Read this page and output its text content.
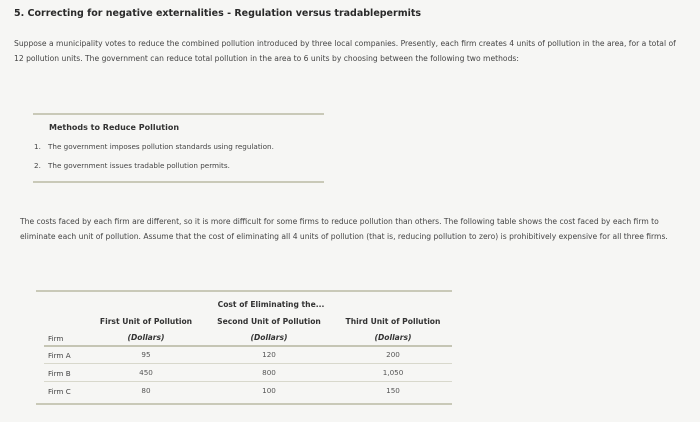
5. Correcting for negative externalities - Regulation versus tradablepermits
Suppose a municipality votes to reduce the combined pollution introduced by three local companies. Presently, each firm creates 4 units of pollution in the area, for a total of 12 pollution units. The government can reduce total pollution in the area to 6 units by choosing between the following two methods:
Methods to Reduce Pollution
1. The government imposes pollution standards using regulation.
2. The government issues tradable pollution permits.
The costs faced by each firm are different, so it is more difficult for some firms to reduce pollution than others. The following table shows the cost faced by each firm to eliminate each unit of pollution. Assume that the cost of eliminating all 4 units of pollution (that is, reducing pollution to zero) is prohibitively expensive for all three firms.
Cost of Eliminating the...
First Unit of Pollution	Second Unit of Pollution	Third Unit of Pollution
Firm	(Dollars)	(Dollars)	(Dollars)
Firm A	95	120	200
Firm B	450	800	1,050
Firm C	80	100	150
